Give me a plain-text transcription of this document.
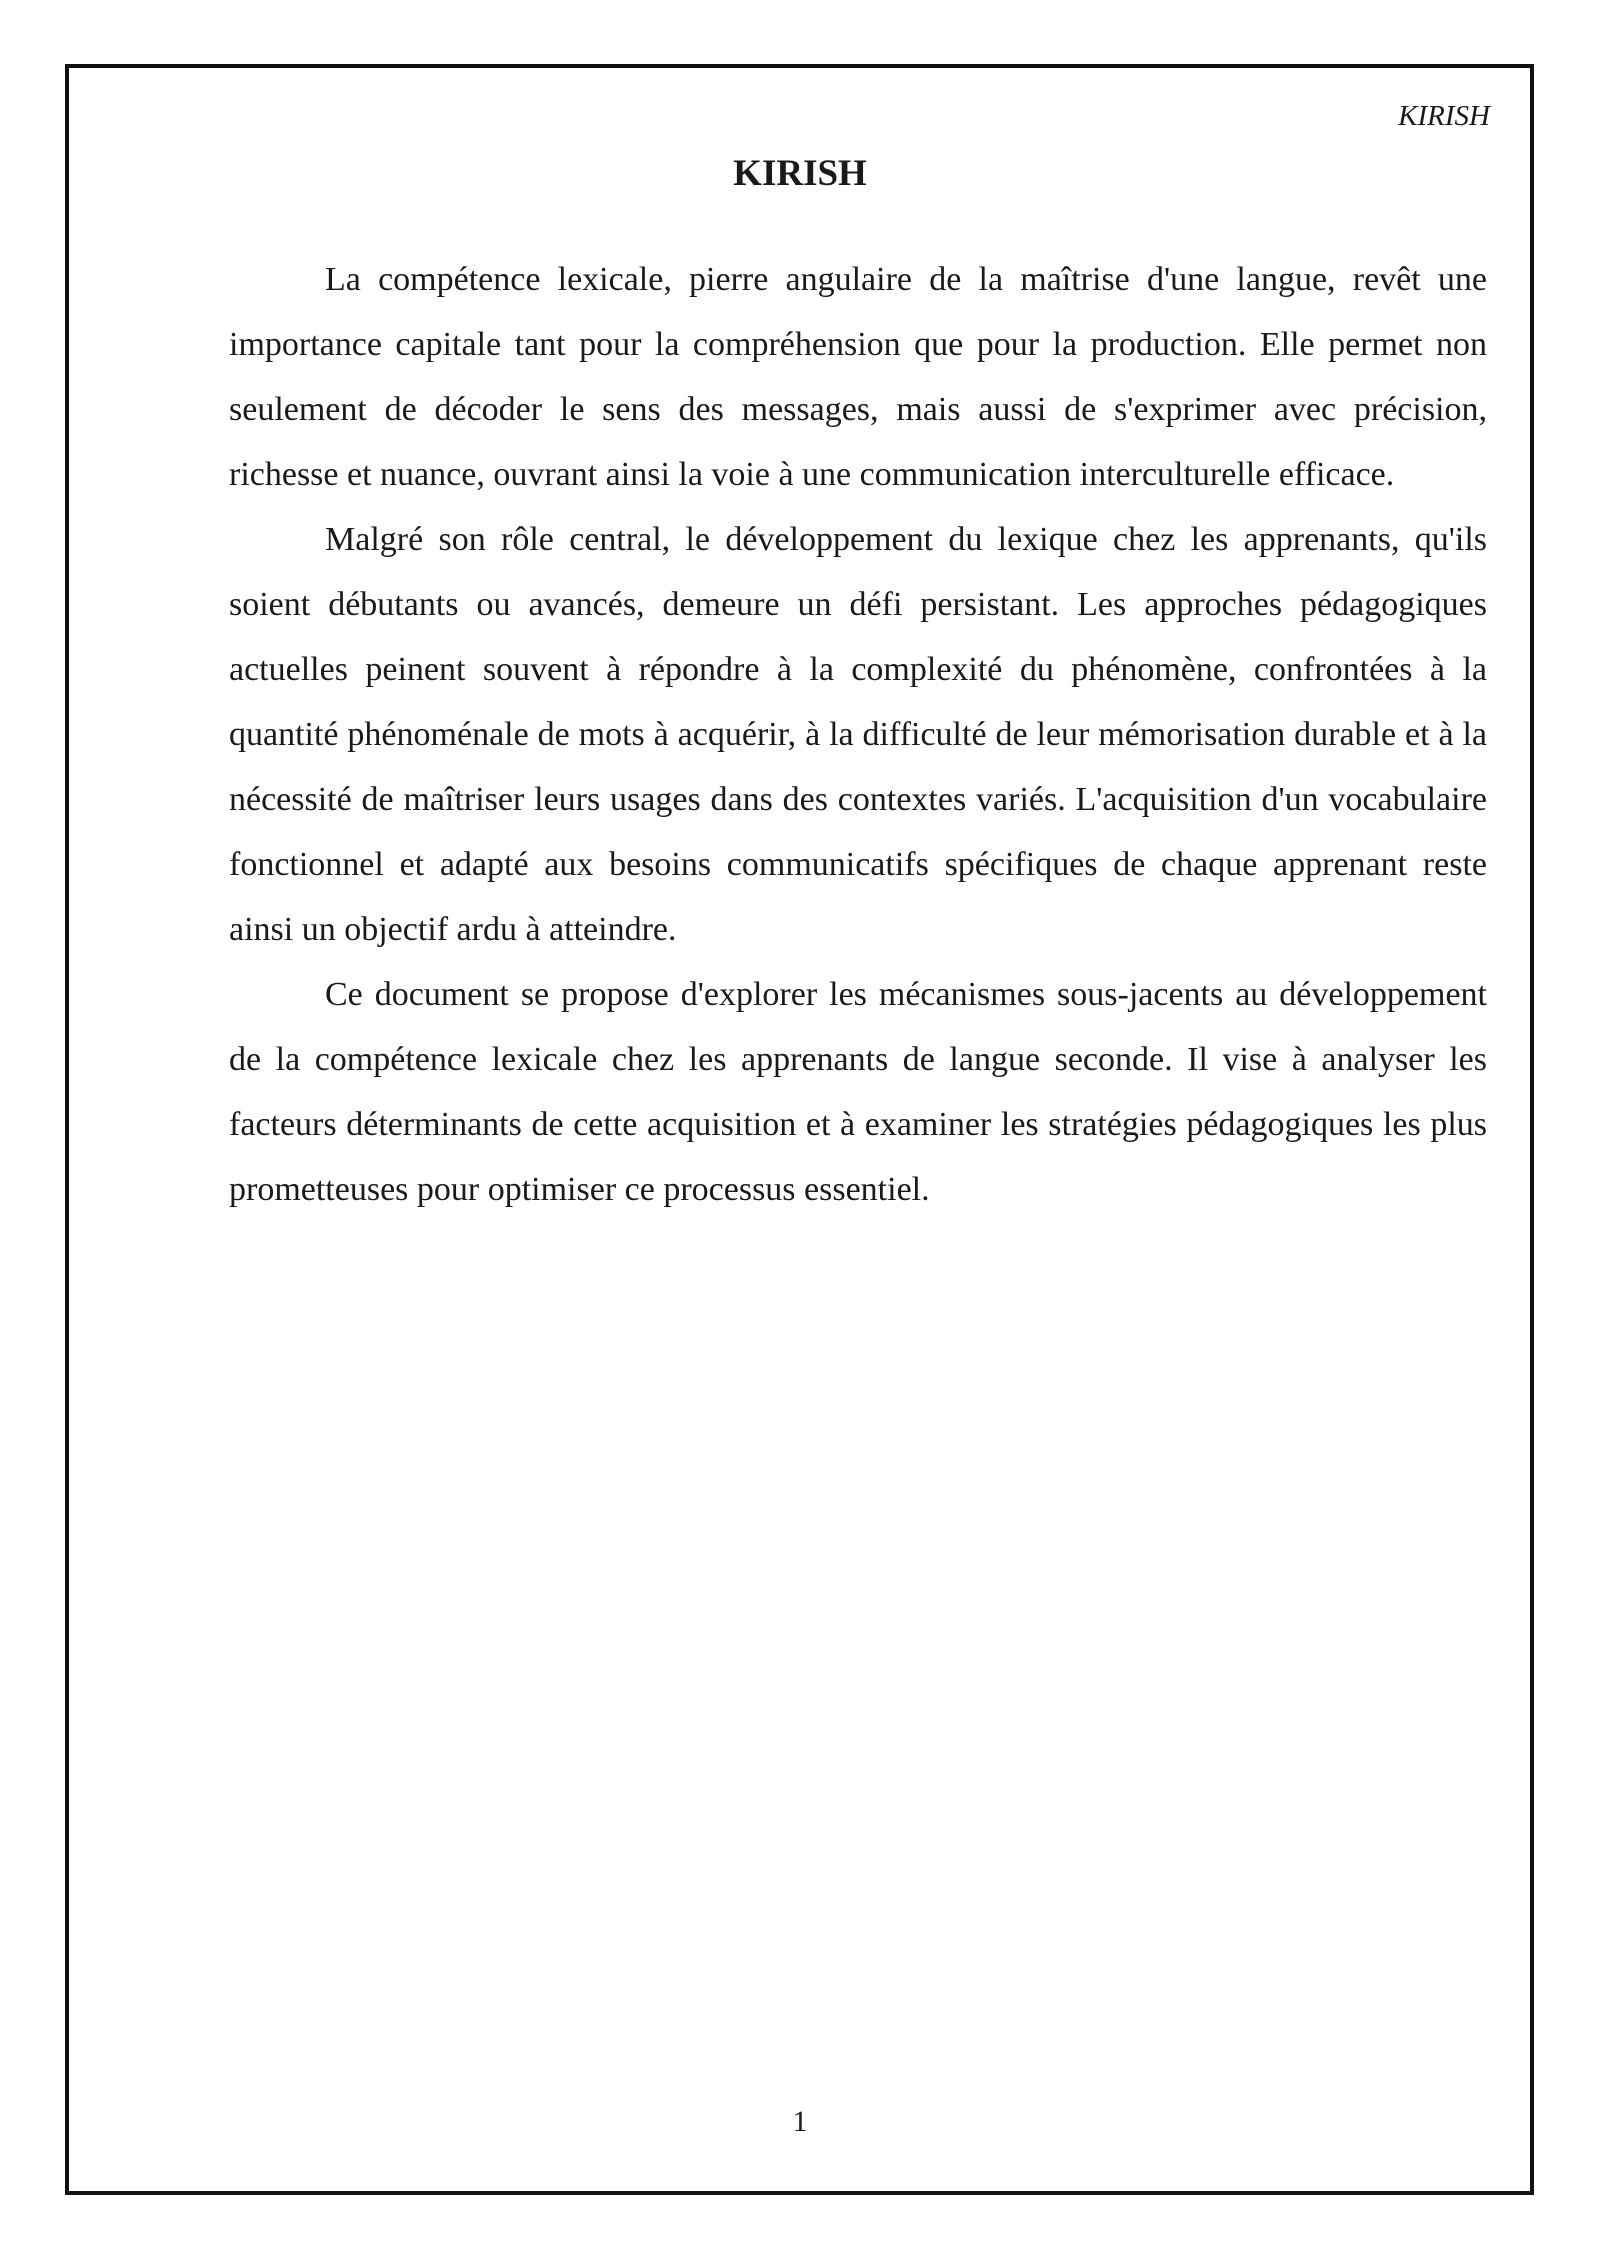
KIRISH
KIRISH

La compétence lexicale, pierre angulaire de la maîtrise d'une langue, revêt une importance capitale tant pour la compréhension que pour la production. Elle permet non seulement de décoder le sens des messages, mais aussi de s'exprimer avec précision, richesse et nuance, ouvrant ainsi la voie à une communication interculturelle efficace.

Malgré son rôle central, le développement du lexique chez les apprenants, qu'ils soient débutants ou avancés, demeure un défi persistant. Les approches pédagogiques actuelles peinent souvent à répondre à la complexité du phénomène, confrontées à la quantité phénoménale de mots à acquérir, à la difficulté de leur mémorisation durable et à la nécessité de maîtriser leurs usages dans des contextes variés. L'acquisition d'un vocabulaire fonctionnel et adapté aux besoins communicatifs spécifiques de chaque apprenant reste ainsi un objectif ardu à atteindre.

Ce document se propose d'explorer les mécanismes sous-jacents au développement de la compétence lexicale chez les apprenants de langue seconde. Il vise à analyser les facteurs déterminants de cette acquisition et à examiner les stratégies pédagogiques les plus prometteuses pour optimiser ce processus essentiel.

1
